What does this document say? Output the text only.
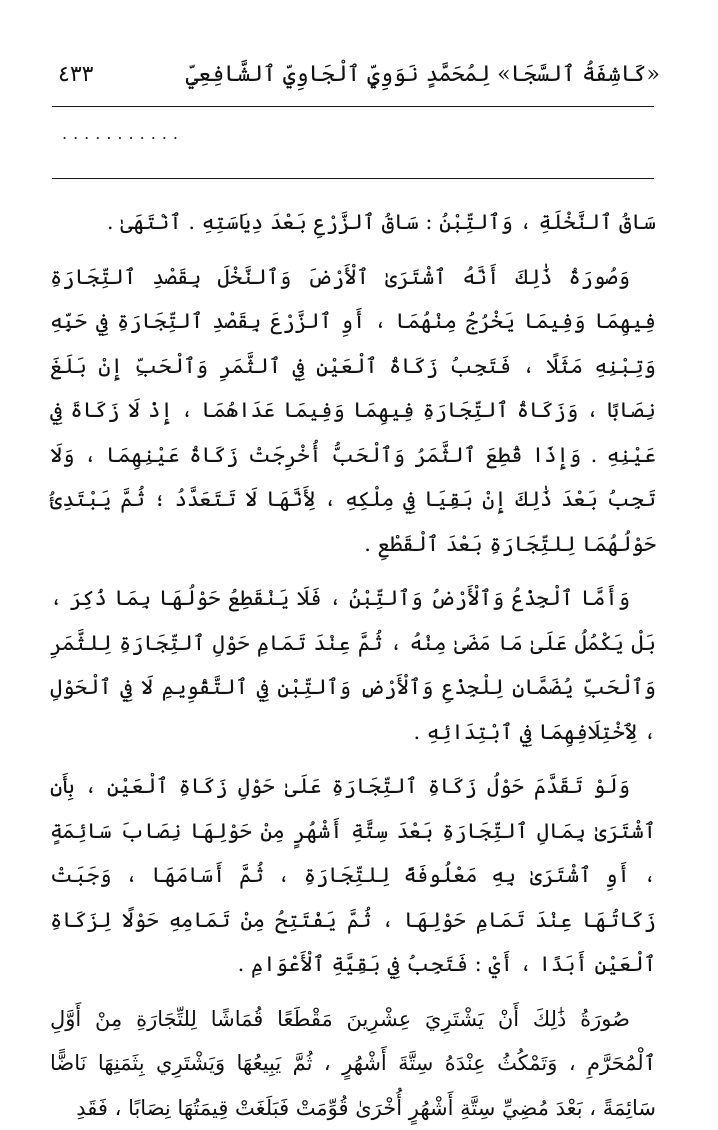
«كَاشِفَةُ ٱلسَّجَا» لِمُحَمَّدٍ نَوَوِيٍّ ٱلْجَاوِيِّ ٱلشَّافِعِيِّ
٤٣٣
...........

سَاقُ ٱلنَّخْلَةِ ، وَٱلتِّبْنُ : سَاقُ ٱلزَّرْعِ بَعْدَ دِيَاسَتِهِ . ٱنْتَهَىٰ .

وَصُورَةُ ذَٰلِكَ أَنَّهُ ٱشْتَرَىٰ ٱلْأَرْضَ وَٱلنَّخْلَ بِقَصْدِ ٱلتِّجَارَةِ فِيهِمَا وَفِيمَا يَخْرُجُ مِنْهُمَا ، أَوِ ٱلزَّرْعَ بِقَصْدِ ٱلتِّجَارَةِ فِي حَبِّهِ وَتِبْنِهِ مَثَلًا ، فَتَجِبُ زَكَاةُ ٱلْعَيْنِ فِي ٱلثَّمَرِ وَٱلْحَبِّ إِنْ بَلَغَ نِصَابًا ، وَزَكَاةُ ٱلتِّجَارَةِ فِيهِمَا وَفِيمَا عَدَاهُمَا ، إِذْ لَا زَكَاةَ فِي عَيْنِهِ . وَإِذَا قُطِعَ ٱلثَّمَرُ وَٱلْحَبُّ أُخْرِجَتْ زَكَاةُ عَيْنِهِمَا ، وَلَا تَجِبُ بَعْدَ ذَٰلِكَ إِنْ بَقِيَا فِي مِلْكِهِ ، لِأَنَّهَا لَا تَتَعَدَّدُ ؛ ثُمَّ يَبْتَدِئُ حَوْلُهُمَا لِلتِّجَارَةِ بَعْدَ ٱلْقَطْعِ .

وَأَمَّا ٱلْجِذْعُ وَٱلْأَرْضُ وَٱلتِّبْنُ ، فَلَا يَنْقَطِعُ حَوْلُهَا بِمَا ذُكِرَ ، بَلْ يَكْمُلُ عَلَىٰ مَا مَضَىٰ مِنْهُ ، ثُمَّ عِنْدَ تَمَامِ حَوْلِ ٱلتِّجَارَةِ لِلثَّمَرِ وَٱلْحَبِّ يُضَمَّانِ لِلْجِذْعِ وَٱلْأَرْضِ وَٱلتِّبْنِ فِي ٱلتَّقْوِيمِ لَا فِي ٱلْحَوْلِ ، لِٱخْتِلَافِهِمَا فِي ٱبْتِدَائِهِ .

وَلَوْ تَقَدَّمَ حَوْلُ زَكَاةِ ٱلتِّجَارَةِ عَلَىٰ حَوْلِ زَكَاةِ ٱلْعَيْنِ ، بِأَنِ ٱشْتَرَىٰ بِمَالِ ٱلتِّجَارَةِ بَعْدَ سِتَّةِ أَشْهُرٍ مِنْ حَوْلِهَا نِصَابَ سَائِمَةٍ ، أَوِ ٱشْتَرَىٰ بِهِ مَعْلُوفَةً لِلتِّجَارَةِ ، ثُمَّ أَسَامَهَا ، وَجَبَتْ زَكَاتُهَا عِنْدَ تَمَامِ حَوْلِهَا ، ثُمَّ يَفْتَتِحُ مِنْ تَمَامِهِ حَوْلًا لِزَكَاةِ ٱلْعَيْنِ أَبَدًا ، أَيْ : فَتَجِبُ فِي بَقِيَّةِ ٱلْأَعْوَامِ .

صُورَةُ ذَٰلِكَ أَنْ يَشْتَرِيَ عِشْرِينَ مَقْطَعًا قُمَاشًا لِلتِّجَارَةِ مِنْ أَوَّلِ ٱلْمُحَرَّمِ ، وَتَمْكُثُ عِنْدَهُ سِتَّةَ أَشْهُرٍ ، ثُمَّ يَبِيعُهَا وَيَشْتَرِي بِثَمَنِهَا نَاضًّا سَائِمَةً ، بَعْدَ مُضِيِّ سِتَّةِ أَشْهُرٍ أُخْرَىٰ قُوِّمَتْ فَبَلَغَتْ قِيمَتُهَا نِصَابًا ، فَقَدِ
